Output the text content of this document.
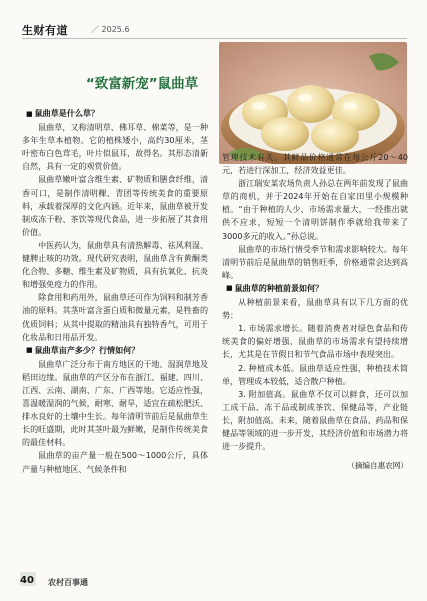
生财有道	／ 2025.6
“致富新宠”鼠曲草

■ 鼠曲草是什么草？

鼠曲草，又称清明草、佛耳草、棉菜等，是一种多年生草本植物。它的植株矮小，高约30厘米，茎叶密布白色茸毛，叶片似鼠耳，故得名。其形态清新自然，具有一定的观赏价值。

鼠曲草嫩叶富含维生素、矿物质和膳食纤维，清香可口，是制作清明粿、青团等传统美食的重要原料，承载着深厚的文化内涵。近年来，鼠曲草被开发制成冻干粉、茶饮等现代食品，进一步拓展了其食用价值。

中医药认为，鼠曲草具有清热解毒、祛风利湿、健脾止咳的功效。现代研究表明，鼠曲草含有黄酮类化合物、多糖、维生素及矿物质，具有抗氧化、抗炎和增强免疫力的作用。

除食用和药用外，鼠曲草还可作为饲料和制芳香油的原料。其茎叶富含蛋白质和微量元素，是牲畜的优质饲料；从其中提取的精油具有独特香气，可用于化妆品和日用品开发。

■ 鼠曲草亩产多少？行情如何？

鼠曲草广泛分布于南方地区的干地、湿润草地及稻田边缘。鼠曲草的产区分布在浙江、福建、四川、江西、云南、湖南、广东、广西等地。它适应性强，喜温暖湿润的气候，耐寒、耐旱，适宜在疏松肥沃、排水良好的土壤中生长。每年清明节前后是鼠曲草生长的旺盛期，此时其茎叶最为鲜嫩，是制作传统美食的最佳材料。

鼠曲草的亩产量一般在500～1000公斤，具体产量与种植地区、气候条件和

管理技术有关。其鲜品价格通常在每公斤20～40元，若进行深加工，经济效益更佳。

浙江瑞安某农场负责人孙总在两年前发现了鼠曲草的商机，并于2024年开始在自家田里小规模种植。“由于种植的人少，市场需求量大，一经推出就供不应求，短短一个清明饼制作季就给我带来了3000多元的收入。”孙总说。

鼠曲草的市场行情受季节和需求影响较大。每年清明节前后是鼠曲草的销售旺季，价格通常会达到高峰。

■ 鼠曲草的种植前景如何？

从种植前景来看，鼠曲草具有以下几方面的优势：

1. 市场需求增长。随着消费者对绿色食品和传统美食的偏好增强，鼠曲草的市场需求有望持续增长，尤其是在节假日和节气食品市场中表现突出。

2. 种植成本低。鼠曲草适应性强，种植技术简单，管理成本较低，适合散户种植。

3. 附加值高。鼠曲草不仅可以鲜食，还可以加工成干品、冻干品或制成茶饮、保健品等，产业链长，附加值高。未来，随着鼠曲草在食品、药品和保健品等领域的进一步开发，其经济价值和市场潜力将进一步提升。

（摘编自惠农网）

40 农村百事通
